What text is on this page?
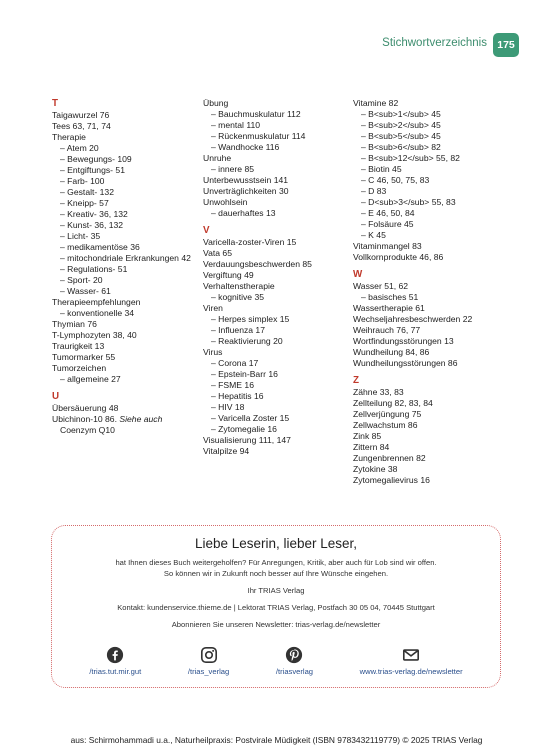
Stichwortverzeichnis 175
T
Taigawurzel 76
Tees 63, 71, 74
Therapie
– Atem 20
– Bewegungs- 109
– Entgiftungs- 51
– Farb- 100
– Gestalt- 132
– Kneipp- 57
– Kreativ- 36, 132
– Kunst- 36, 132
– Licht- 35
– medikamentöse 36
– mitochondriale Erkrankungen 42
– Regulations- 51
– Sport- 20
– Wasser- 61
Therapieempfehlungen
– konventionelle 34
Thymian 76
T-Lymphozyten 38, 40
Traurigkeit 13
Tumormarker 55
Tumorzeichen
– allgemeine 27
U
Übersäuerung 48
Ubichinon-10 86. Siehe auch Coenzym Q10
Übung
– Bauchmuskulatur 112
– mental 110
– Rückenmuskulatur 114
– Wandhocke 116
Unruhe
– innere 85
Unterbewusstsein 141
Unverträglichkeiten 30
Unwohlsein
– dauerhaftes 13
V
Varicella-zoster-Viren 15
Vata 65
Verdauungsbeschwerden 85
Vergiftung 49
Verhaltenstherapie
– kognitive 35
Viren
– Herpes simplex 15
– Influenza 17
– Reaktivierung 20
Virus
– Corona 17
– Epstein-Barr 16
– FSME 16
– Hepatitis 16
– HIV 18
– Varicella Zoster 15
– Zytomegalie 16
Visualisierung 111, 147
Vitalpilze 94
Vitamine 82
– B<sub>1</sub> 45
– B<sub>2</sub> 45
– B<sub>5</sub> 45
– B<sub>6</sub> 82
– B<sub>12</sub> 55, 82
– Biotin 45
– C 46, 50, 75, 83
– D 83
– D<sub>3</sub> 55, 83
– E 46, 50, 84
– Folsäure 45
– K 45
Vitaminmangel 83
Vollkornprodukte 46, 86
W
Wasser 51, 62
– basisches 51
Wassertherapie 61
Wechseljahresbeschwerden 22
Weihrauch 76, 77
Wortfindungsstörungen 13
Wundheilung 84, 86
Wundheilungsstörungen 86
Z
Zähne 33, 83
Zellteilung 82, 83, 84
Zellverjüngung 75
Zellwachstum 86
Zink 85
Zittern 84
Zungenbrennen 82
Zytokine 38
Zytomegalievirus 16
Liebe Leserin, lieber Leser,
hat Ihnen dieses Buch weitergeholfen? Für Anregungen, Kritik, aber auch für Lob sind wir offen.
So können wir in Zukunft noch besser auf Ihre Wünsche eingehen.
Ihr TRIAS Verlag
Kontakt: kundenservice.thieme.de | Lektorat TRIAS Verlag, Postfach 30 05 04, 70445 Stuttgart
Abonnieren Sie unseren Newsletter: trias-verlag.de/newsletter
/trias.tut.mir.gut	/trias_verlag	/triasverlag	www.trias-verlag.de/newsletter
aus: Schirmohammadi u.a., Naturheilpraxis: Postvirale Müdigkeit (ISBN 9783432119779) © 2025 TRIAS Verlag
